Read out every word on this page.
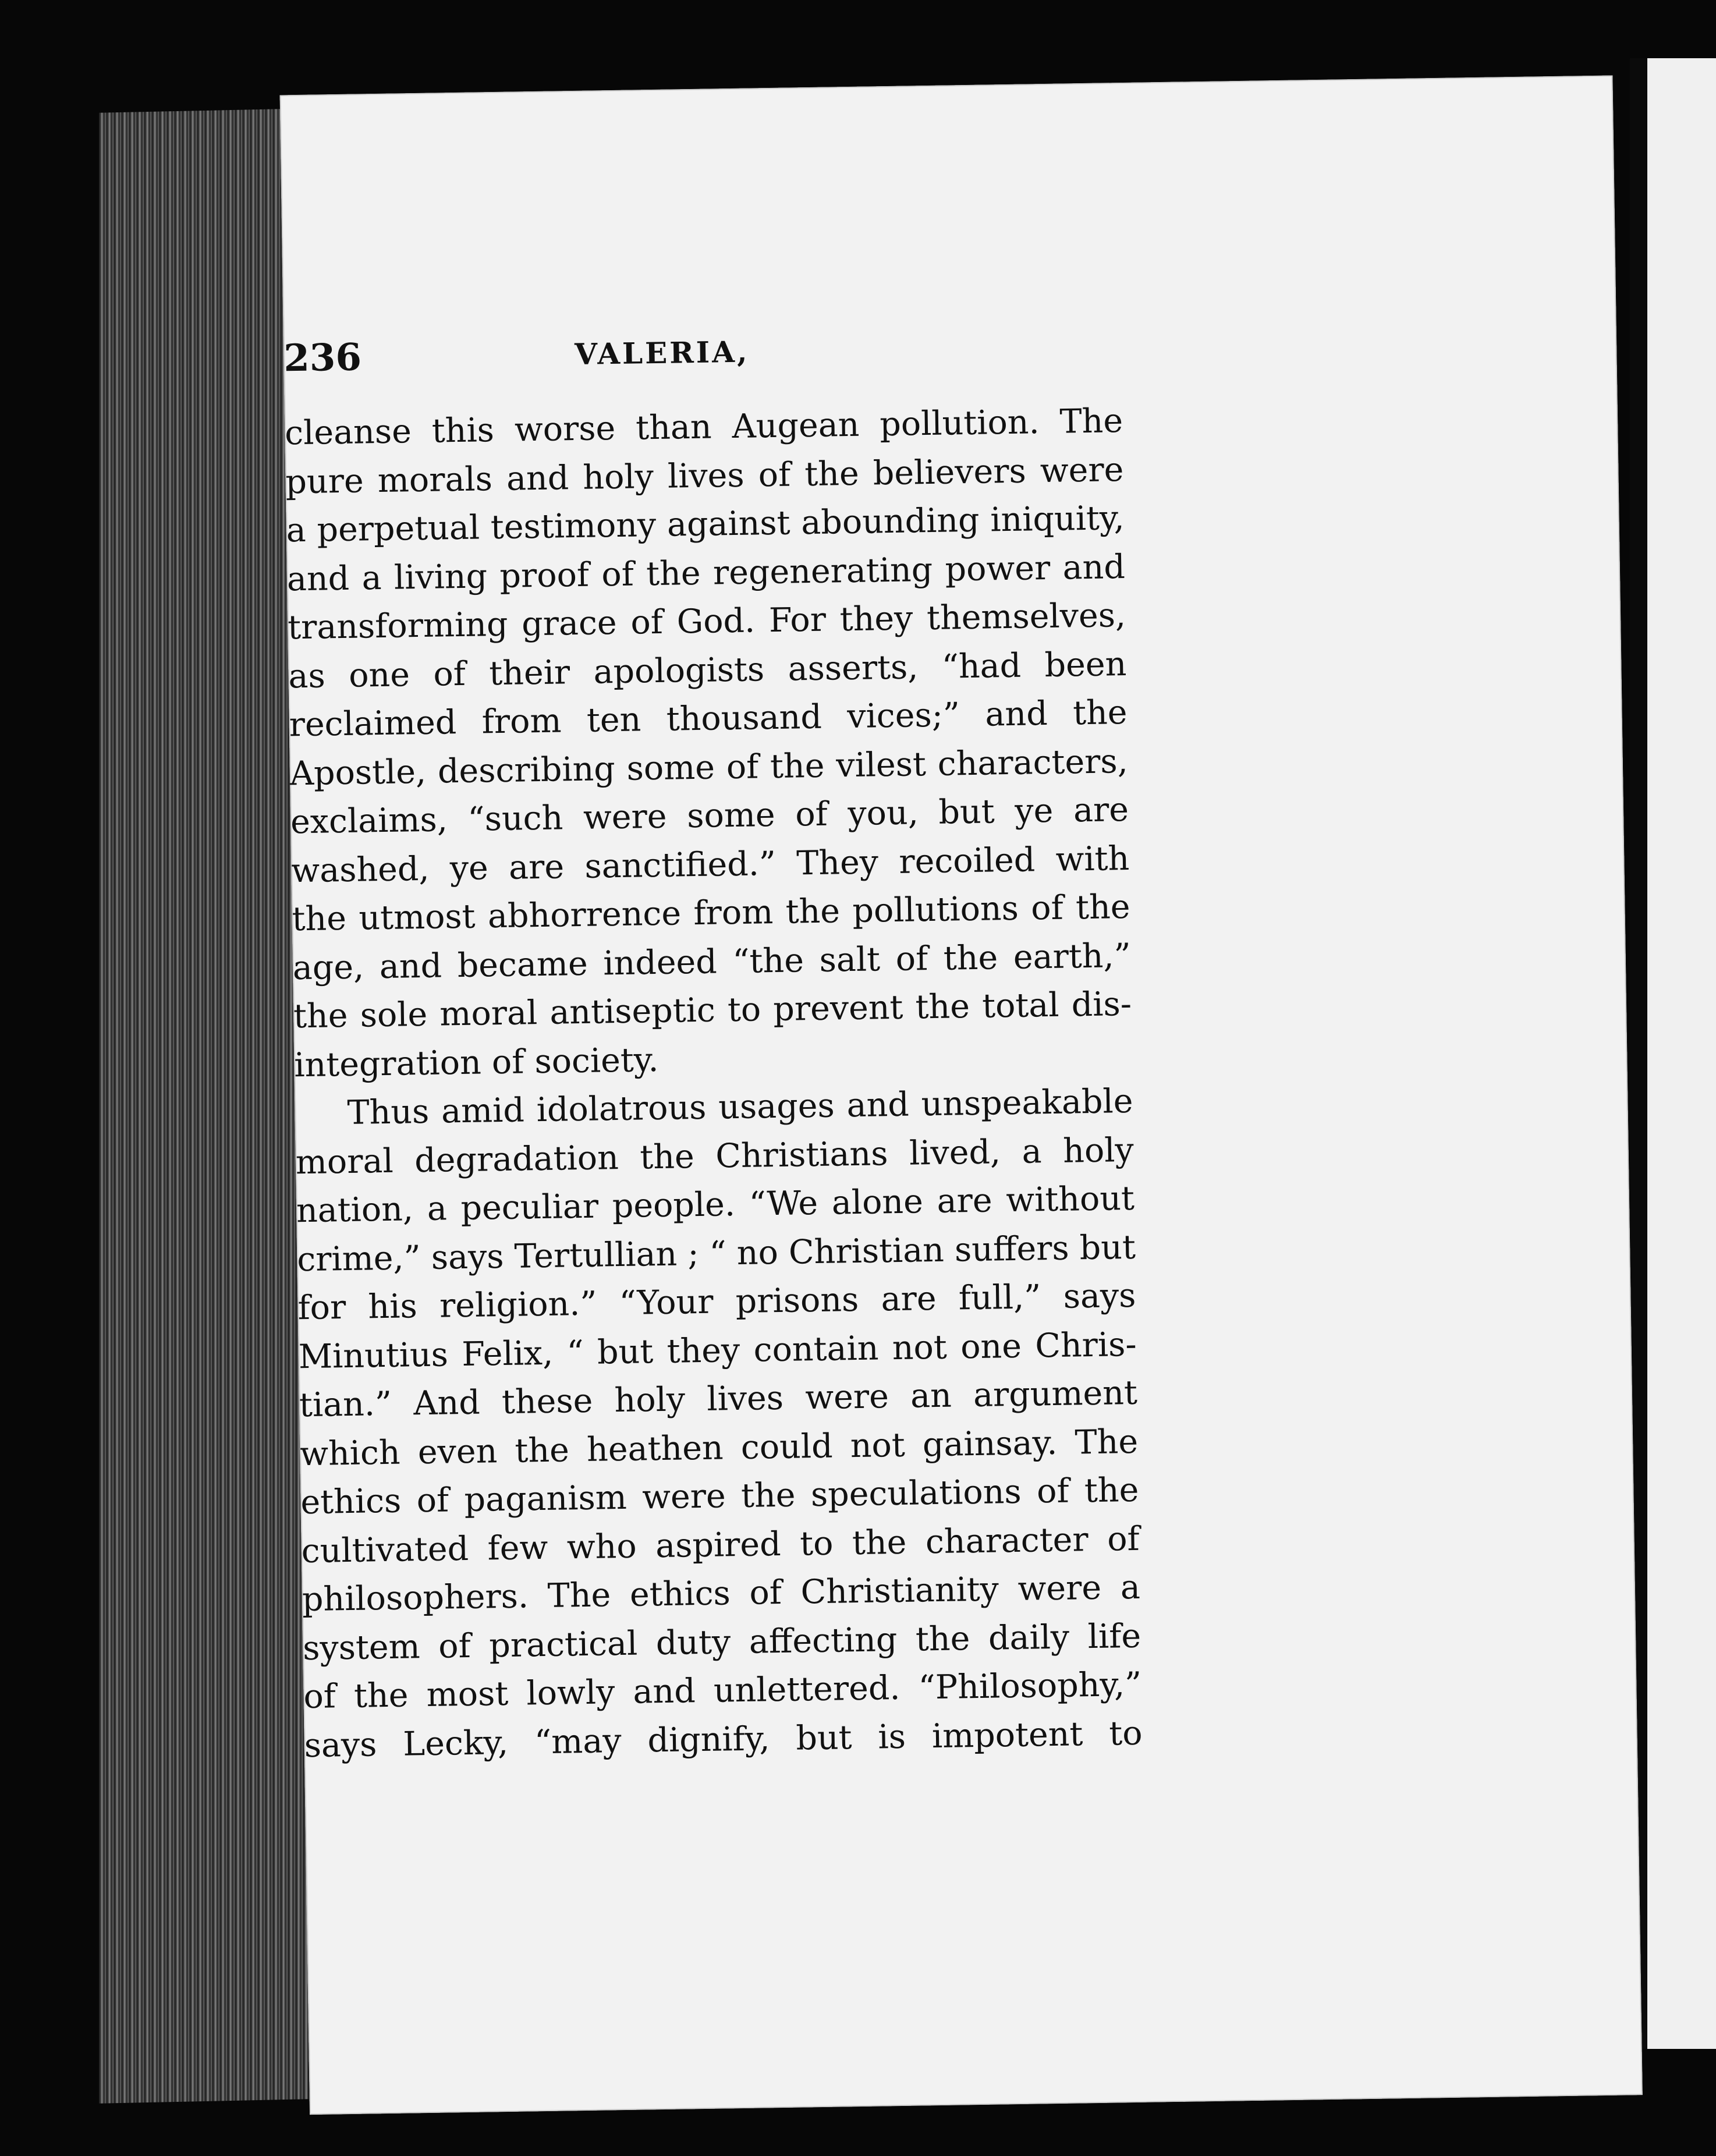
236	VALERIA,
cleanse this worse than Augean pollution. The
pure morals and holy lives of the believers were
a perpetual testimony against abounding iniquity,
and a living proof of the regenerating power and
transforming grace of God. For they themselves,
as one of their apologists asserts, “had been
reclaimed from ten thousand vices;” and the
Apostle, describing some of the vilest characters,
exclaims, “such were some of you, but ye are
washed, ye are sanctified.” They recoiled with
the utmost abhorrence from the pollutions of the
age, and became indeed “the salt of the earth,”
the sole moral antiseptic to prevent the total dis-
integration of society.
Thus amid idolatrous usages and unspeakable
moral degradation the Christians lived, a holy
nation, a peculiar people. “We alone are without
crime,” says Tertullian ; “ no Christian suffers but
for his religion.” “Your prisons are full,” says
Minutius Felix, “ but they contain not one Chris-
tian.” And these holy lives were an argument
which even the heathen could not gainsay. The
ethics of paganism were the speculations of the
cultivated few who aspired to the character of
philosophers. The ethics of Christianity were a
system of practical duty affecting the daily life
of the most lowly and unlettered. “Philosophy,”
says Lecky, “may dignify, but is impotent to
